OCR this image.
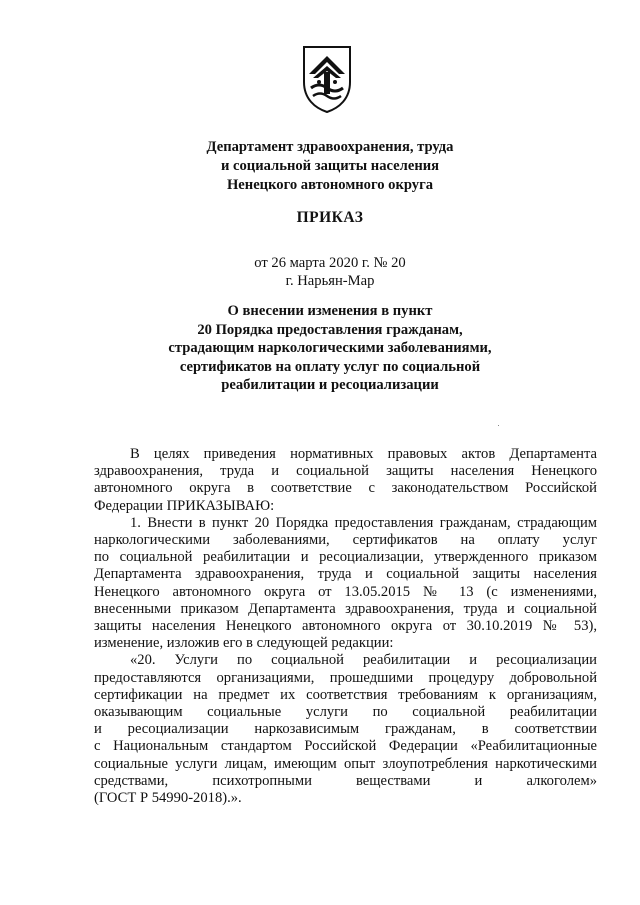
Департамент здравоохранения, труда
и социальной защиты населения
Ненецкого автономного округа
ПРИКАЗ
от 26 марта 2020 г. № 20
г. Нарьян-Мар
О внесении изменения в пункт
20 Порядка предоставления гражданам,
страдающим наркологическими заболеваниями,
сертификатов на оплату услуг по социальной
реабилитации и ресоциализации
В целях приведения нормативных правовых актов Департамента
здравоохранения, труда и социальной защиты населения Ненецкого
автономного округа в соответствие с законодательством Российской
Федерации ПРИКАЗЫВАЮ:
1. Внести в пункт 20 Порядка предоставления гражданам, страдающим
наркологическими заболеваниями, сертификатов на оплату услуг
по социальной реабилитации и ресоциализации, утвержденного приказом
Департамента здравоохранения, труда и социальной защиты населения
Ненецкого автономного округа от 13.05.2015 № 13 (с изменениями,
внесенными приказом Департамента здравоохранения, труда и социальной
защиты населения Ненецкого автономного округа от 30.10.2019 № 53),
изменение, изложив его в следующей редакции:
«20. Услуги по социальной реабилитации и ресоциализации
предоставляются организациями, прошедшими процедуру добровольной
сертификации на предмет их соответствия требованиям к организациям,
оказывающим социальные услуги по социальной реабилитации
и ресоциализации наркозависимым гражданам, в соответствии
с Национальным стандартом Российской Федерации «Реабилитационные
социальные услуги лицам, имеющим опыт злоупотребления наркотическими
средствами, психотропными веществами и алкоголем»
(ГОСТ Р 54990-2018).».
